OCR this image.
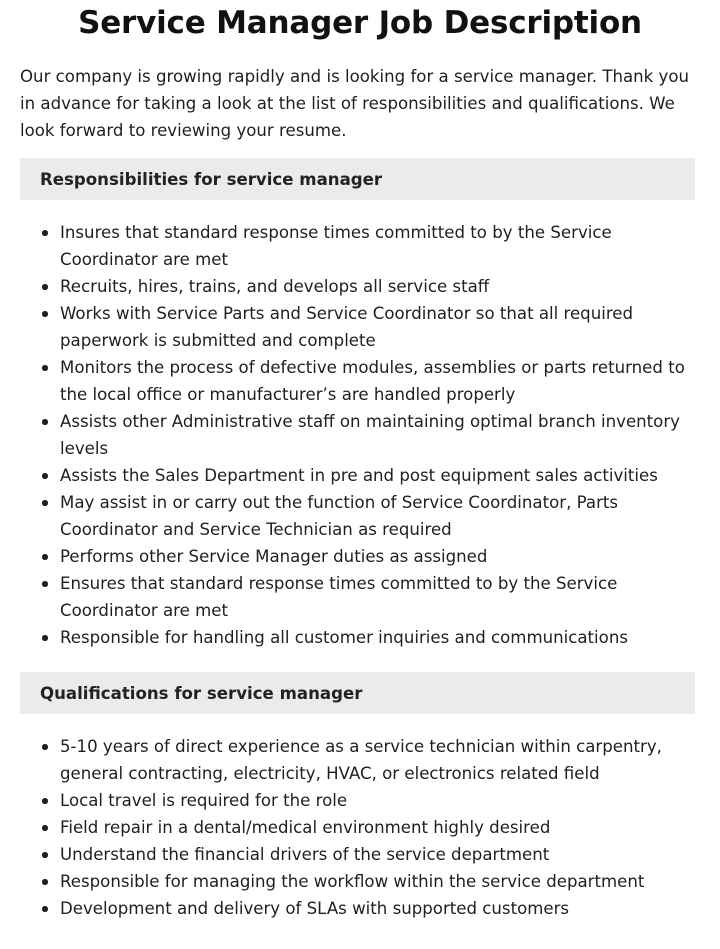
Service Manager Job Description

Our company is growing rapidly and is looking for a service manager. Thank you in advance for taking a look at the list of responsibilities and qualifications. We look forward to reviewing your resume.

Responsibilities for service manager
Insures that standard response times committed to by the Service Coordinator are met
Recruits, hires, trains, and develops all service staff
Works with Service Parts and Service Coordinator so that all required paperwork is submitted and complete
Monitors the process of defective modules, assemblies or parts returned to the local office or manufacturer’s are handled properly
Assists other Administrative staff on maintaining optimal branch inventory levels
Assists the Sales Department in pre and post equipment sales activities
May assist in or carry out the function of Service Coordinator, Parts Coordinator and Service Technician as required
Performs other Service Manager duties as assigned
Ensures that standard response times committed to by the Service Coordinator are met
Responsible for handling all customer inquiries and communications
Qualifications for service manager
5-10 years of direct experience as a service technician within carpentry, general contracting, electricity, HVAC, or electronics related field
Local travel is required for the role
Field repair in a dental/medical environment highly desired
Understand the financial drivers of the service department
Responsible for managing the workflow within the service department
Development and delivery of SLAs with supported customers
